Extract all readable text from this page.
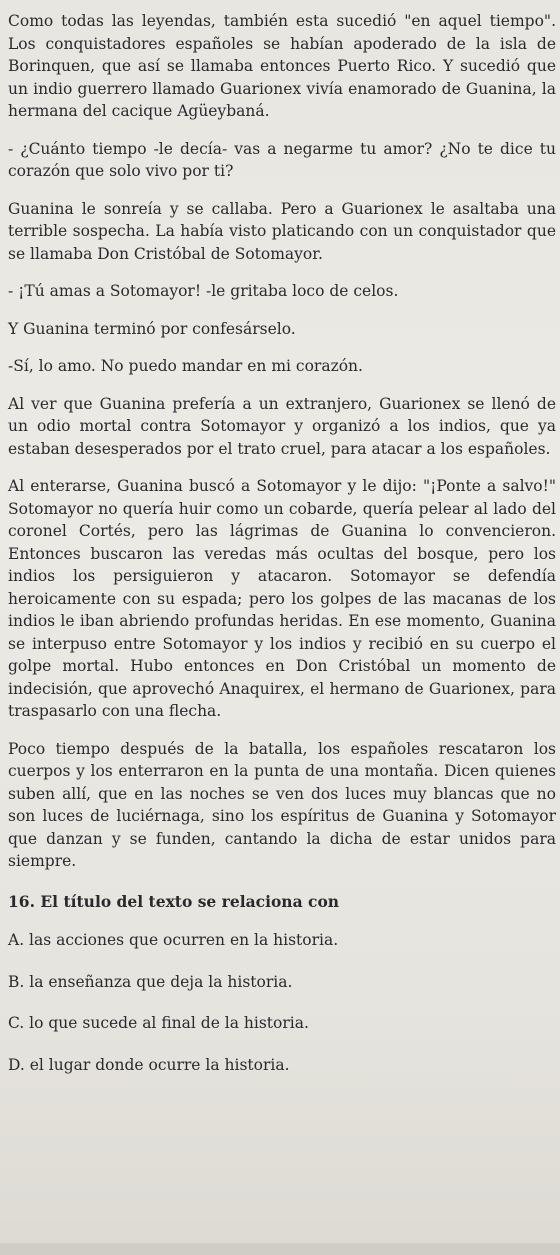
Como todas las leyendas, también esta sucedió "en aquel tiempo". Los conquistadores españoles se habían apoderado de la isla de Borinquen, que así se llamaba entonces Puerto Rico. Y sucedió que un indio guerrero llamado Guarionex vivía enamorado de Guanina, la hermana del cacique Agüeybaná.

- ¿Cuánto tiempo -le decía- vas a negarme tu amor? ¿No te dice tu corazón que solo vivo por ti?

Guanina le sonreía y se callaba. Pero a Guarionex le asaltaba una terrible sospecha. La había visto platicando con un conquistador que se llamaba Don Cristóbal de Sotomayor.

- ¡Tú amas a Sotomayor! -le gritaba loco de celos.

Y Guanina terminó por confesárselo.

-Sí, lo amo. No puedo mandar en mi corazón.

Al ver que Guanina prefería a un extranjero, Guarionex se llenó de un odio mortal contra Sotomayor y organizó a los indios, que ya estaban desesperados por el trato cruel, para atacar a los españoles.

Al enterarse, Guanina buscó a Sotomayor y le dijo: "¡Ponte a salvo!" Sotomayor no quería huir como un cobarde, quería pelear al lado del coronel Cortés, pero las lágrimas de Guanina lo convencieron. Entonces buscaron las veredas más ocultas del bosque, pero los indios los persiguieron y atacaron. Sotomayor se defendía heroicamente con su espada; pero los golpes de las macanas de los indios le iban abriendo profundas heridas. En ese momento, Guanina se interpuso entre Sotomayor y los indios y recibió en su cuerpo el golpe mortal. Hubo entonces en Don Cristóbal un momento de indecisión, que aprovechó Anaquirex, el hermano de Guarionex, para traspasarlo con una flecha.

Poco tiempo después de la batalla, los españoles rescataron los cuerpos y los enterraron en la punta de una montaña. Dicen quienes suben allí, que en las noches se ven dos luces muy blancas que no son luces de luciérnaga, sino los espíritus de Guanina y Sotomayor que danzan y se funden, cantando la dicha de estar unidos para siempre.

16. El título del texto se relaciona con

A. las acciones que ocurren en la historia.
B. la enseñanza que deja la historia.
C. lo que sucede al final de la historia.
D. el lugar donde ocurre la historia.
